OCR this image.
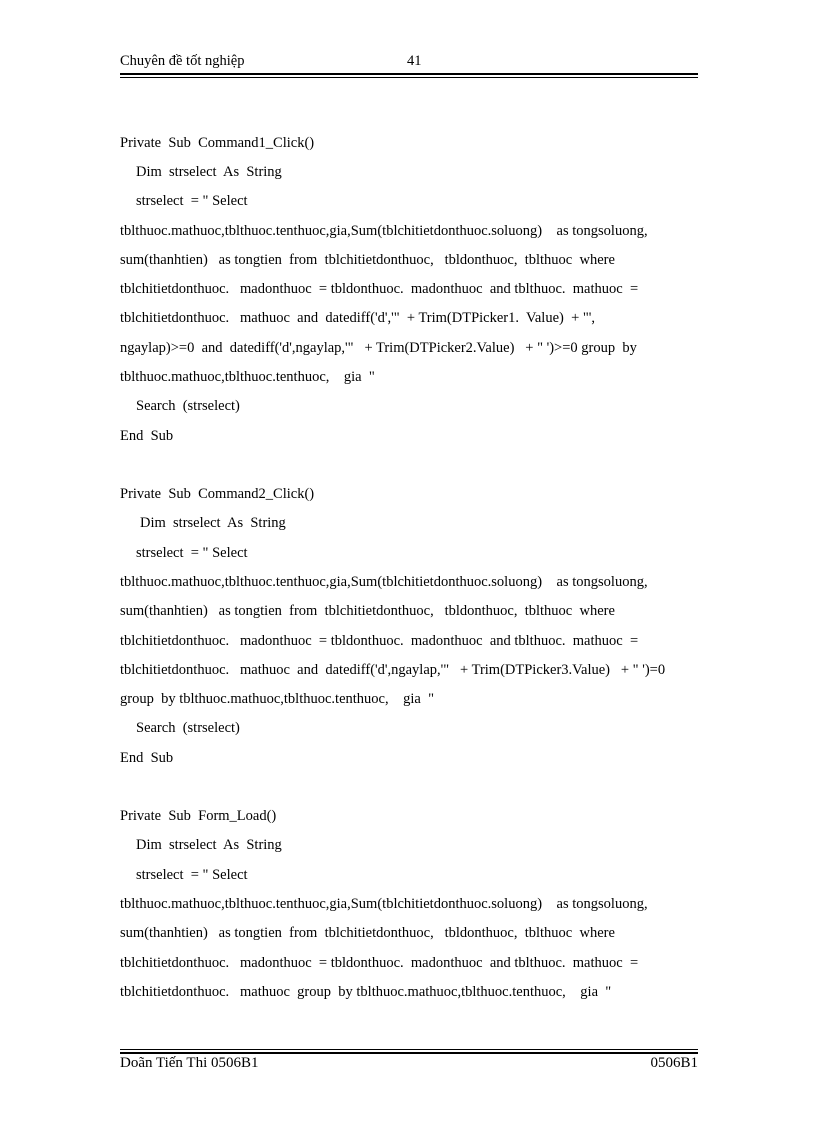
Chuyên đề tốt nghiệp	41
Private  Sub  Command1_Click()
Dim  strselect  As  String
strselect  = " Select
tblthuoc.mathuoc,tblthuoc.tenthuoc,gia,Sum(tblchitietdonthuoc.soluong)    as tongsoluong,
sum(thanhtien)   as tongtien  from  tblchitietdonthuoc,   tbldonthuoc,  tblthuoc  where
tblchitietdonthuoc.   madonthuoc  = tbldonthuoc.  madonthuoc  and tblthuoc.  mathuoc  =
tblchitietdonthuoc.   mathuoc  and  datediff('d','"  + Trim(DTPicker1.  Value)  + "',
ngaylap)>=0  and  datediff('d',ngaylap,'"   + Trim(DTPicker2.Value)   + " ')>=0 group  by
tblthuoc.mathuoc,tblthuoc.tenthuoc,    gia  "
Search  (strselect)
End  Sub
Private  Sub  Command2_Click()
Dim  strselect  As  String
strselect  = " Select
tblthuoc.mathuoc,tblthuoc.tenthuoc,gia,Sum(tblchitietdonthuoc.soluong)    as tongsoluong,
sum(thanhtien)   as tongtien  from  tblchitietdonthuoc,   tbldonthuoc,  tblthuoc  where
tblchitietdonthuoc.   madonthuoc  = tbldonthuoc.  madonthuoc  and tblthuoc.  mathuoc  =
tblchitietdonthuoc.   mathuoc  and  datediff('d',ngaylap,'"   + Trim(DTPicker3.Value)   + " ')=0
group  by tblthuoc.mathuoc,tblthuoc.tenthuoc,    gia  "
Search  (strselect)
End  Sub
Private  Sub  Form_Load()
Dim  strselect  As  String
strselect  = " Select
tblthuoc.mathuoc,tblthuoc.tenthuoc,gia,Sum(tblchitietdonthuoc.soluong)    as tongsoluong,
sum(thanhtien)   as tongtien  from  tblchitietdonthuoc,   tbldonthuoc,  tblthuoc  where
tblchitietdonthuoc.   madonthuoc  = tbldonthuoc.  madonthuoc  and tblthuoc.  mathuoc  =
tblchitietdonthuoc.   mathuoc  group  by tblthuoc.mathuoc,tblthuoc.tenthuoc,    gia  "
Doãn Tiến Thi 0506B1	0506B1
